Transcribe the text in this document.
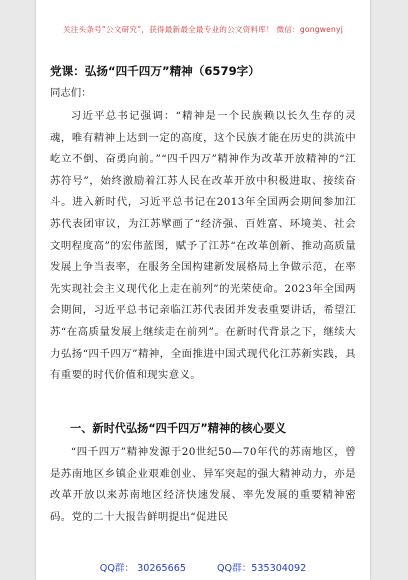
关注头条号“公文研究”，获得最新最全最专业的公文资料库！ 微信：gongwenyj
党课：弘扬“四千四万”精神（6579字）
同志们：

习近平总书记强调：“精神是一个民族赖以长久生存的灵魂，唯有精神上达到一定的高度，这个民族才能在历史的洪流中屹立不倒、奋勇向前。”“四千四万”精神作为改革开放精神的“江苏符号”，始终激励着江苏人民在改革开放中积极进取、接续奋斗。进入新时代，习近平总书记在2013年全国两会期间参加江苏代表团审议，为江苏擘画了“经济强、百姓富、环境美、社会文明程度高”的宏伟蓝图，赋予了江苏“在改革创新、推动高质量发展上争当表率，在服务全国构建新发展格局上争做示范，在率先实现社会主义现代化上走在前列”的光荣使命。2023年全国两会期间，习近平总书记亲临江苏代表团并发表重要讲话，希望江苏“在高质量发展上继续走在前列”。在新时代背景之下，继续大力弘扬“四千四万”精神，全面推进中国式现代化江苏新实践，具有重要的时代价值和现实意义。

一、新时代弘扬“四千四万”精神的核心要义

“四千四万”精神发源于20世纪50—70年代的苏南地区，曾是苏南地区乡镇企业艰难创业、异军突起的强大精神动力，亦是改革开放以来苏南地区经济快速发展、率先发展的重要精神密码。党的二十大报告鲜明提出“促进民

QQ群： 30265665	QQ群：535304092
